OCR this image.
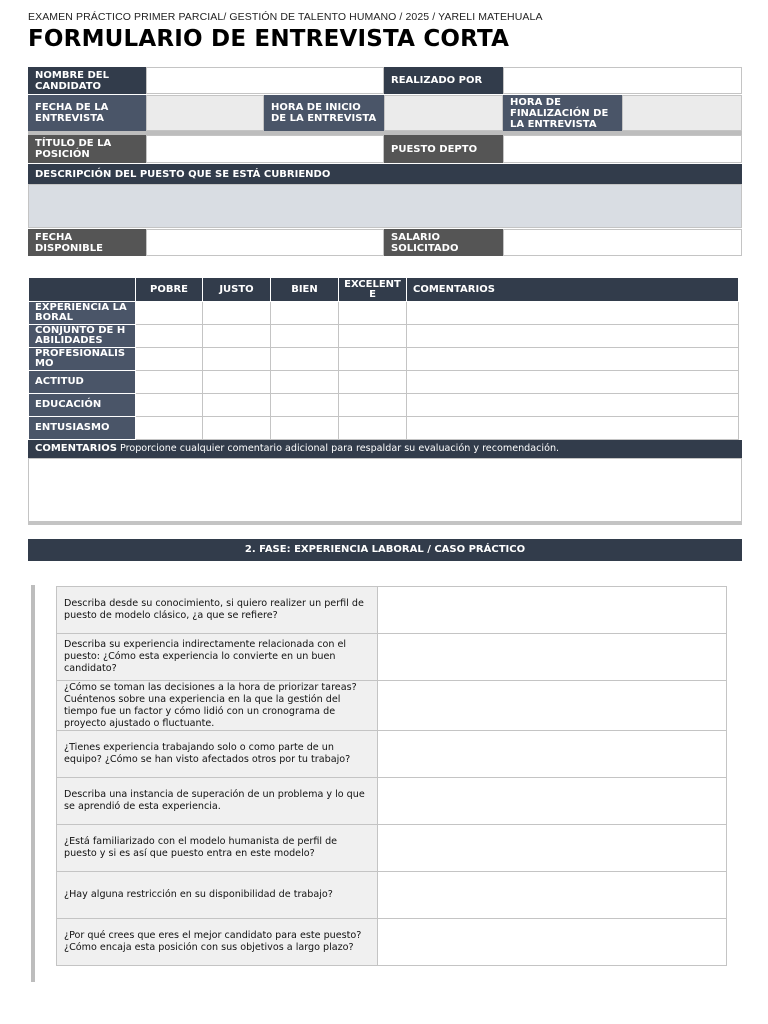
EXAMEN PRÁCTICO PRIMER PARCIAL/ GESTIÓN DE TALENTO HUMANO / 2025 / YARELI MATEHUALA
FORMULARIO DE ENTREVISTA CORTA
NOMBRE DEL CANDIDATO	REALIZADO POR
FECHA DE LA ENTREVISTA
HORA DE INICIO DE LA ENTREVISTA
HORA DE FINALIZACIÓN DE LA ENTREVISTA
TÍTULO DE LA POSICIÓN	PUESTO DEPTO
DESCRIPCIÓN DEL PUESTO QUE SE ESTÁ CUBRIENDO
FECHA DISPONIBLE
SALARIO SOLICITADO
	POBRE	JUSTO	BIEN	EXCELENTE	COMENTARIOS
EXPERIENCIA LABORAL					
CONJUNTO DE HABILIDADES					
PROFESIONALISMO					
ACTITUD					
EDUCACIÓN					
ENTUSIASMO					
COMENTARIOS Proporcione cualquier comentario adicional para respaldar su evaluación y recomendación.
2. FASE: EXPERIENCIA LABORAL / CASO PRÁCTICO
Describa desde su conocimiento, si quiero realizer un perfil de puesto de modelo clásico, ¿a que se refiere?	
Describa su experiencia indirectamente relacionada con el puesto: ¿Cómo esta experiencia lo convierte en un buen candidato?	
¿Cómo se toman las decisiones a la hora de priorizar tareas? Cuéntenos sobre una experiencia en la que la gestión del tiempo fue un factor y cómo lidió con un cronograma de proyecto ajustado o fluctuante.	
¿Tienes experiencia trabajando solo o como parte de un equipo? ¿Cómo se han visto afectados otros por tu trabajo?	
Describa una instancia de superación de un problema y lo que se aprendió de esta experiencia.	
¿Está familiarizado con el modelo humanista de perfil de puesto y si es así que puesto entra en este modelo?	
¿Hay alguna restricción en su disponibilidad de trabajo?	
¿Por qué crees que eres el mejor candidato para este puesto? ¿Cómo encaja esta posición con sus objetivos a largo plazo?	
